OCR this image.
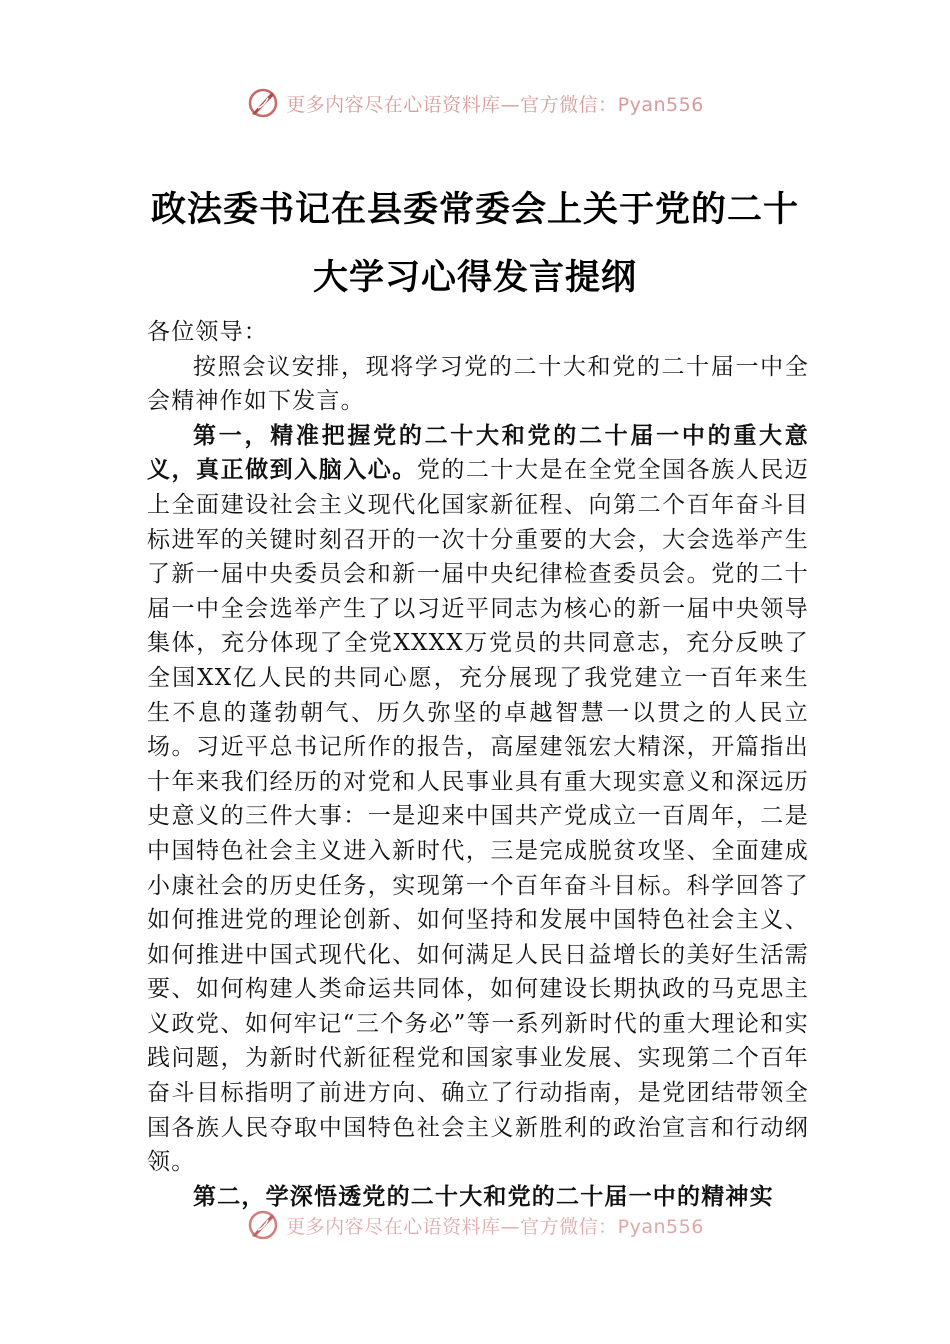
更多内容尽在心语资料库—官方微信：Pyan556
政法委书记在县委常委会上关于党的二十
大学习心得发言提纲

各位领导：

按照会议安排，现将学习党的二十大和党的二十届一中全会精神作如下发言。

第一，精准把握党的二十大和党的二十届一中的重大意义，真正做到入脑入心。党的二十大是在全党全国各族人民迈上全面建设社会主义现代化国家新征程、向第二个百年奋斗目标进军的关键时刻召开的一次十分重要的大会，大会选举产生了新一届中央委员会和新一届中央纪律检查委员会。党的二十届一中全会选举产生了以习近平同志为核心的新一届中央领导集体，充分体现了全党XXXX万党员的共同意志，充分反映了全国XX亿人民的共同心愿，充分展现了我党建立一百年来生生不息的蓬勃朝气、历久弥坚的卓越智慧一以贯之的人民立场。习近平总书记所作的报告，高屋建瓴宏大精深，开篇指出十年来我们经历的对党和人民事业具有重大现实意义和深远历史意义的三件大事：一是迎来中国共产党成立一百周年，二是中国特色社会主义进入新时代，三是完成脱贫攻坚、全面建成小康社会的历史任务，实现第一个百年奋斗目标。科学回答了如何推进党的理论创新、如何坚持和发展中国特色社会主义、如何推进中国式现代化、如何满足人民日益增长的美好生活需要、如何构建人类命运共同体，如何建设长期执政的马克思主义政党、如何牢记“三个务必”等一系列新时代的重大理论和实践问题，为新时代新征程党和国家事业发展、实现第二个百年奋斗目标指明了前进方向、确立了行动指南，是党团结带领全国各族人民夺取中国特色社会主义新胜利的政治宣言和行动纲领。

第二，学深悟透党的二十大和党的二十届一中的精神实

更多内容尽在心语资料库—官方微信：Pyan556
